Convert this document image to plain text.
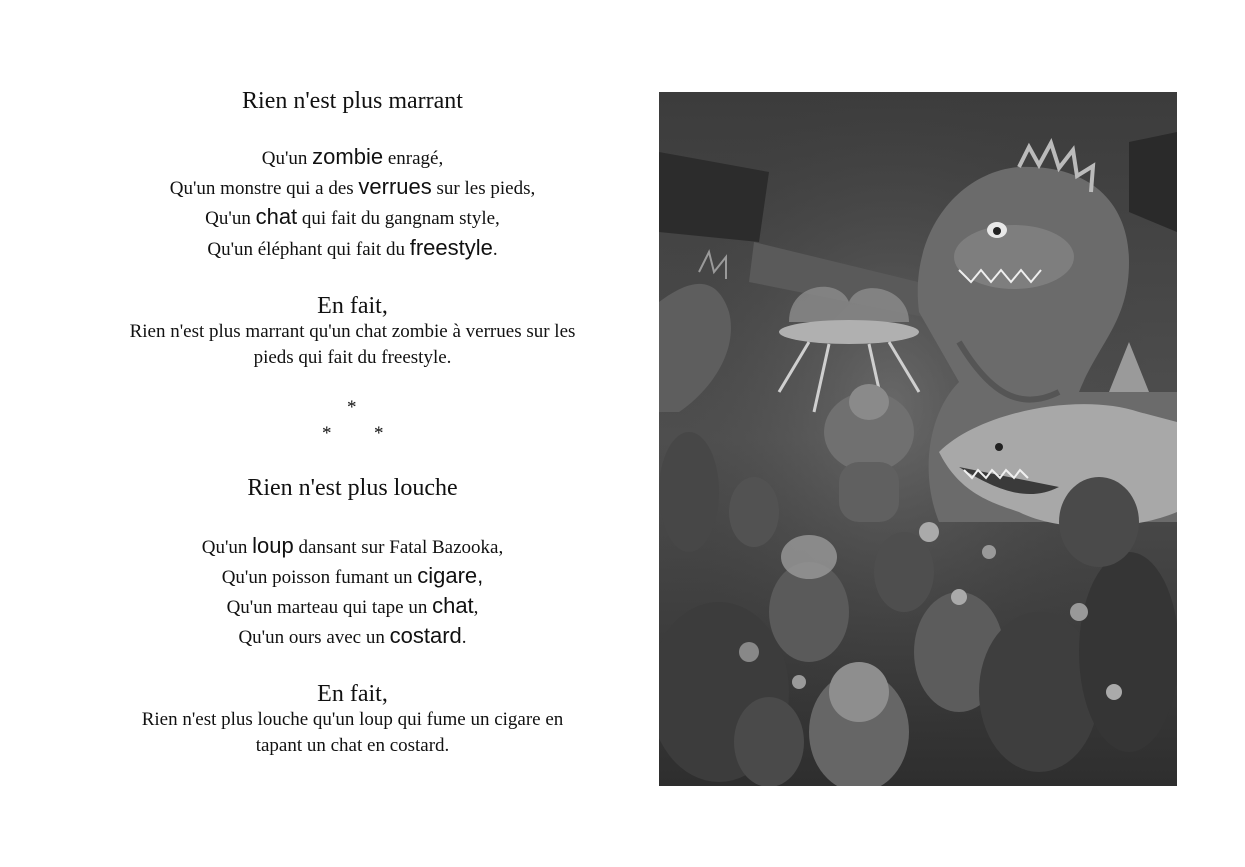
Rien n'est plus marrant
Qu'un zombie enragé,
Qu'un monstre qui a des verrues sur les pieds,
Qu'un chat qui fait du gangnam style,
Qu'un éléphant qui fait du freestyle.
En fait,
Rien n'est plus marrant qu'un chat zombie à verrues sur les
pieds qui fait du freestyle.
*
* *
Rien n'est plus louche
Qu'un loup dansant sur Fatal Bazooka,
Qu'un poisson fumant un cigare,
Qu'un marteau qui tape un chat,
Qu'un ours avec un costard.
En fait,
Rien n'est plus louche qu'un loup qui fume un cigare en
tapant un chat en costard.
